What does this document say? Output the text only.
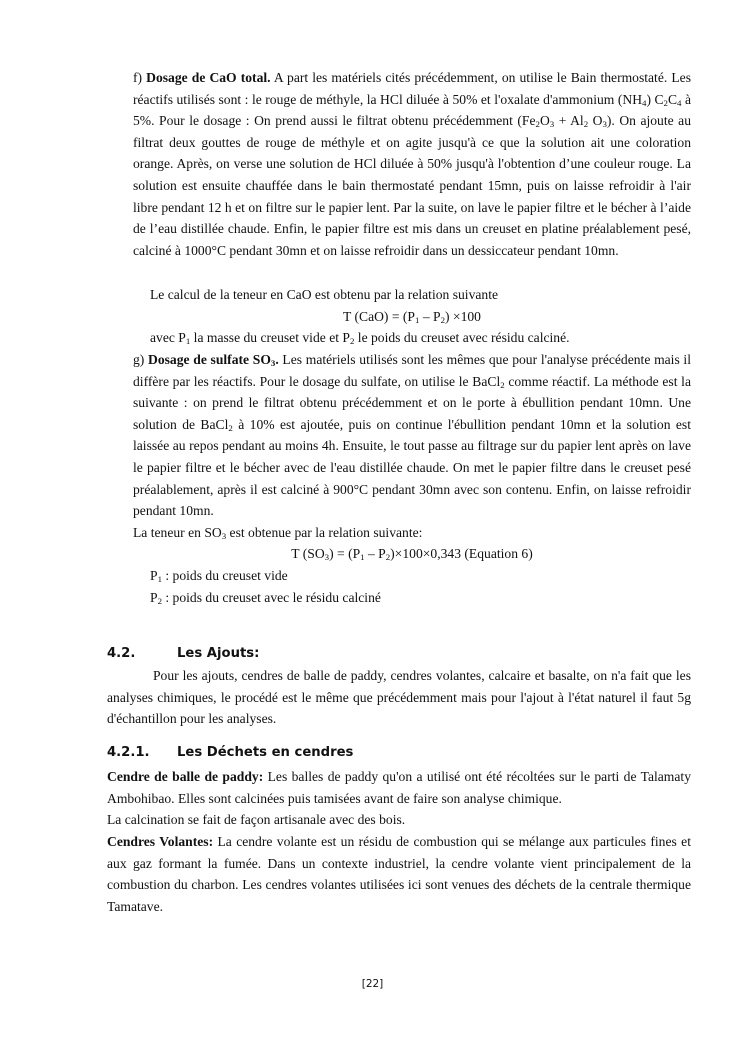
f) Dosage de CaO total. A part les matériels cités précédemment, on utilise le Bain thermostaté. Les réactifs utilisés sont : le rouge de méthyle, la HCl diluée à 50% et l'oxalate d'ammonium $(NH_4)$ $C_2C_4$ à 5%. Pour le dosage : On prend aussi le filtrat obtenu précédemment ($Fe_2O_3 + Al_2$ $O_3$). On ajoute au filtrat deux gouttes de rouge de méthyle et on agite jusqu'à ce que la solution ait une coloration orange. Après, on verse une solution de HCl diluée à 50% jusqu'à l'obtention d’une couleur rouge. La solution est ensuite chauffée dans le bain thermostaté pendant 15mn, puis on laisse refroidir à l'air libre pendant 12 h et on filtre sur le papier lent. Par la suite, on lave le papier filtre et le bécher à l’aide de l’eau distillée chaude. Enfin, le papier filtre est mis dans un creuset en platine préalablement pesé, calciné à 1000°C pendant 30mn et on laisse refroidir dans un dessiccateur pendant 10mn.

Le calcul de la teneur en CaO est obtenu par la relation suivante

T $(CaO) = (P_1 - P_2) \times 100$

avec $P_1$ la masse du creuset vide et $P_2$ le poids du creuset avec résidu calciné.

g) Dosage de sulfate $SO_3$. Les matériels utilisés sont les mêmes que pour l'analyse précédente mais il diffère par les réactifs. Pour le dosage du sulfate, on utilise le BaCl$_2$ comme réactif. La méthode est la suivante : on prend le filtrat obtenu précédemment et on le porte à ébullition pendant 10mn. Une solution de BaCl$_2$ à 10% est ajoutée, puis on continue l'ébullition pendant 10mn et la solution est laissée au repos pendant au moins 4h. Ensuite, le tout passe au filtrage sur du papier lent après on lave le papier filtre et le bécher avec de l'eau distillée chaude. On met le papier filtre dans le creuset pesé préalablement, après il est calciné à 900°C pendant 30mn avec son contenu. Enfin, on laisse refroidir pendant 10mn.

La teneur en $SO_3$ est obtenue par la relation suivante:

T $(SO_3) = (P_1 - P_2)\times 100\times 0,343$ (Equation 6)

$P_1$ : poids du creuset vide

$P_2$ : poids du creuset avec le résidu calciné

4.2.	Les Ajouts:

Pour les ajouts, cendres de balle de paddy, cendres volantes, calcaire et basalte, on n'a fait que les analyses chimiques, le procédé est le même que précédemment mais pour l'ajout à l'état naturel il faut 5g d'échantillon pour les analyses.

4.2.1. Les Déchets en cendres

Cendre de balle de paddy: Les balles de paddy qu'on a utilisé ont été récoltées sur le parti de Talamaty Ambohibao. Elles sont calcinées puis tamisées avant de faire son analyse chimique.

La calcination se fait de façon artisanale avec des bois.

Cendres Volantes: La cendre volante est un résidu de combustion qui se mélange aux particules fines et aux gaz formant la fumée. Dans un contexte industriel, la cendre volante vient principalement de la combustion du charbon. Les cendres volantes utilisées ici sont venues des déchets de la centrale thermique Tamatave.

[22]
